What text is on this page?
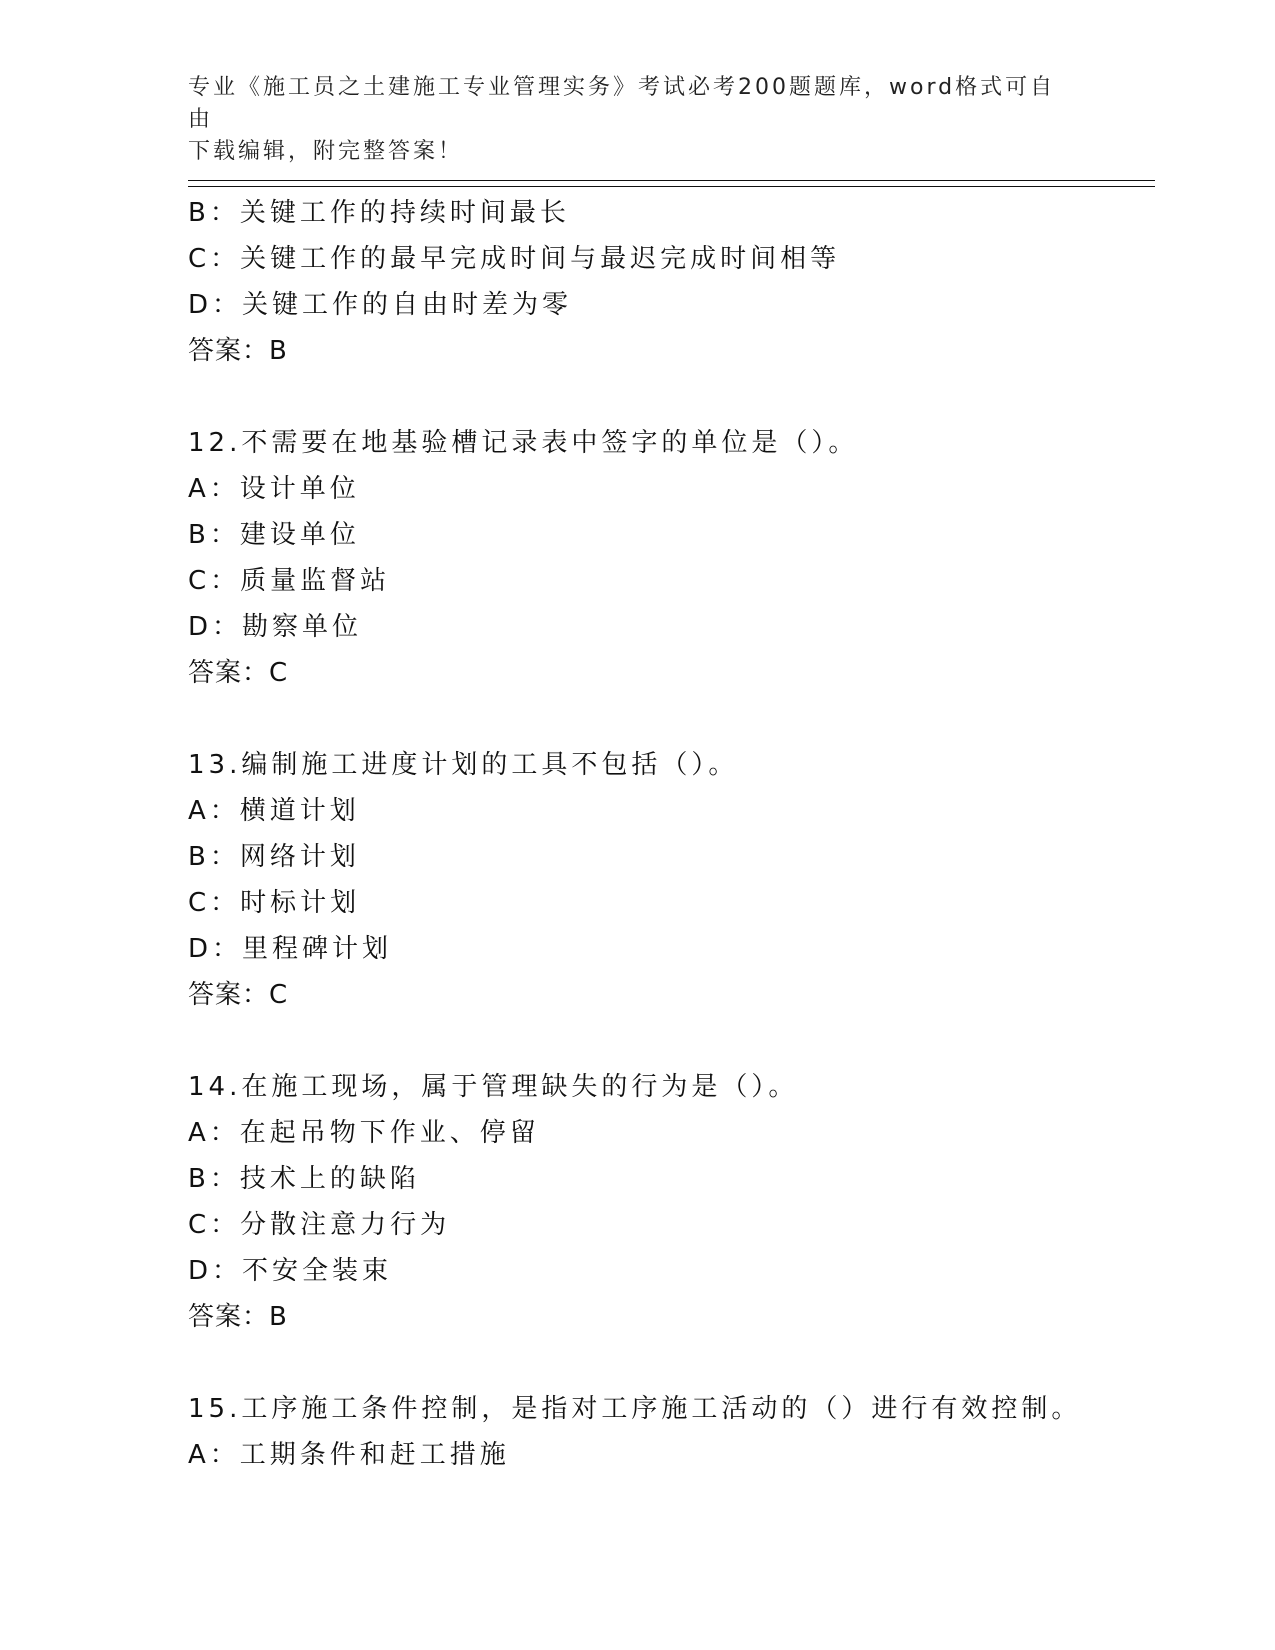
专业《施工员之土建施工专业管理实务》考试必考200题题库，word格式可自由
下载编辑，附完整答案！
B：关键工作的持续时间最长
C：关键工作的最早完成时间与最迟完成时间相等
D：关键工作的自由时差为零
答案：B
12.不需要在地基验槽记录表中签字的单位是（）。
A：设计单位
B：建设单位
C：质量监督站
D：勘察单位
答案：C
13.编制施工进度计划的工具不包括（）。
A：横道计划
B：网络计划
C：时标计划
D：里程碑计划
答案：C
14.在施工现场，属于管理缺失的行为是（）。
A：在起吊物下作业、停留
B：技术上的缺陷
C：分散注意力行为
D：不安全装束
答案：B
15.工序施工条件控制，是指对工序施工活动的（）进行有效控制。
A：工期条件和赶工措施
